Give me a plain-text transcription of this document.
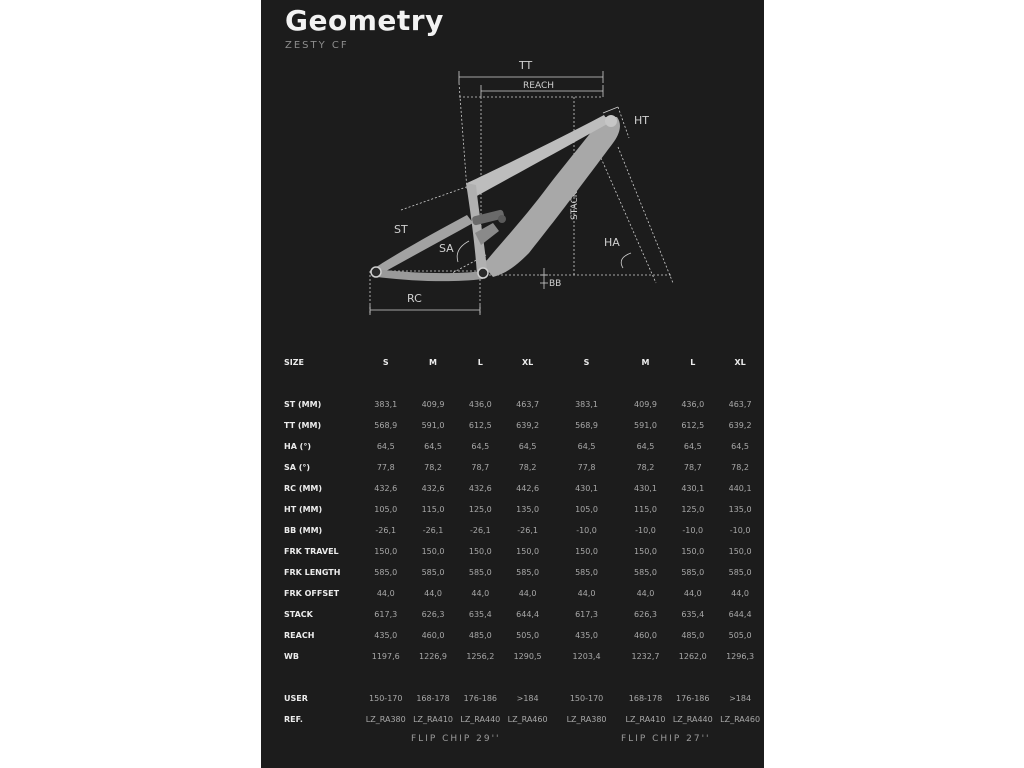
Geometry
ZESTY CF
TT
REACH
STACK
HT
HA
ST
SA
RC
BB
SIZE	S	M	L	XL	S	M	L	XL

ST (MM)	383,1	409,9	436,0	463,7	383,1	409,9	436,0	463,7
TT (MM)	568,9	591,0	612,5	639,2	568,9	591,0	612,5	639,2
HA (°)	64,5	64,5	64,5	64,5	64,5	64,5	64,5	64,5
SA (°)	77,8	78,2	78,7	78,2	77,8	78,2	78,7	78,2
RC (MM)	432,6	432,6	432,6	442,6	430,1	430,1	430,1	440,1
HT (MM)	105,0	115,0	125,0	135,0	105,0	115,0	125,0	135,0
BB (MM)	-26,1	-26,1	-26,1	-26,1	-10,0	-10,0	-10,0	-10,0
FRK TRAVEL	150,0	150,0	150,0	150,0	150,0	150,0	150,0	150,0
FRK LENGTH	585,0	585,0	585,0	585,0	585,0	585,0	585,0	585,0
FRK OFFSET	44,0	44,0	44,0	44,0	44,0	44,0	44,0	44,0
STACK	617,3	626,3	635,4	644,4	617,3	626,3	635,4	644,4
REACH	435,0	460,0	485,0	505,0	435,0	460,0	485,0	505,0
WB	1197,6	1226,9	1256,2	1290,5	1203,4	1232,7	1262,0	1296,3

USER	150-170	168-178	176-186	>184	150-170	168-178	176-186	>184
REF.	LZ_RA380	LZ_RA410	LZ_RA440	LZ_RA460	LZ_RA380	LZ_RA410	LZ_RA440	LZ_RA460
FLIP CHIP 29''	FLIP CHIP 27''
